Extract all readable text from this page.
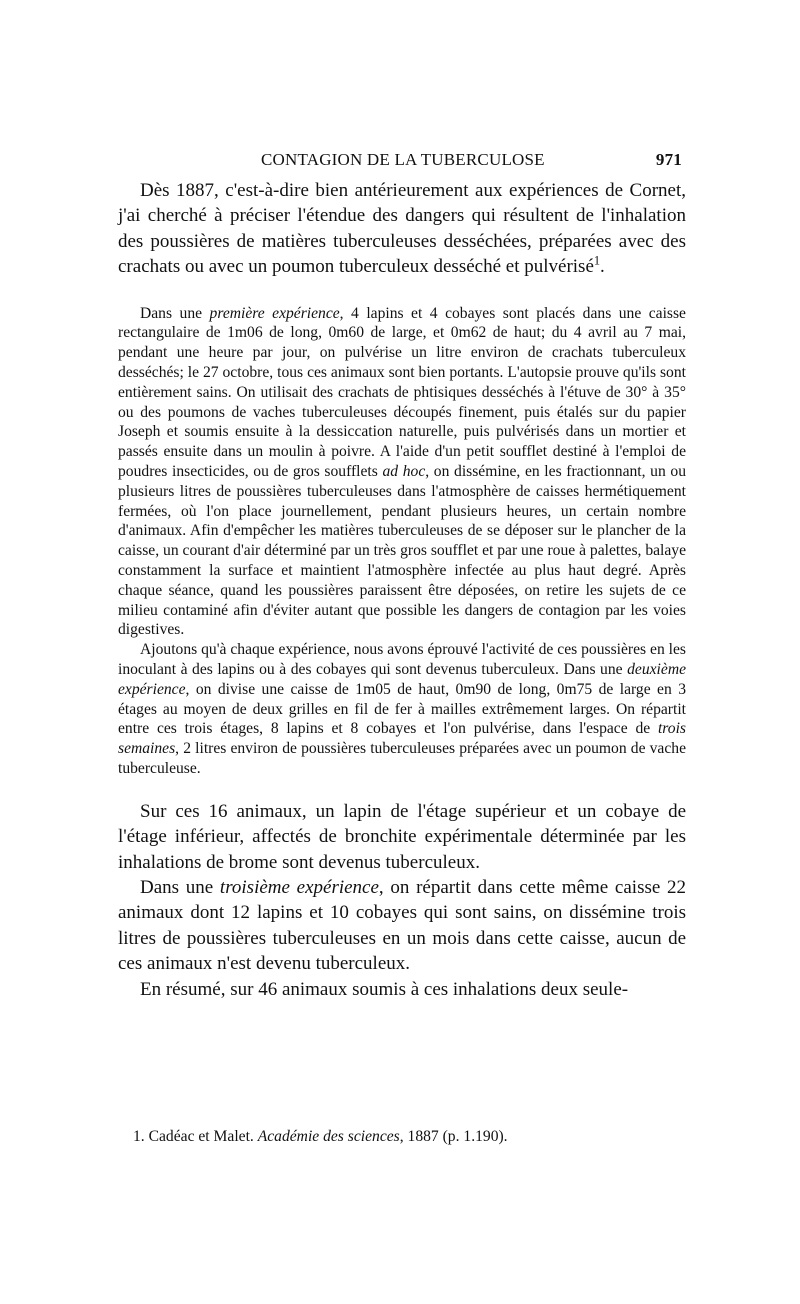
CONTAGION DE LA TUBERCULOSE	971

Dès 1887, c'est-à-dire bien antérieurement aux expériences de Cornet, j'ai cherché à préciser l'étendue des dangers qui résultent de l'inhalation des poussières de matières tuberculeuses desséchées, préparées avec des crachats ou avec un poumon tuberculeux desséché et pulvérisé$^1$.

Dans une première expérience, 4 lapins et 4 cobayes sont placés dans une caisse rectangulaire de 1m06 de long, 0m60 de large, et 0m62 de haut; du 4 avril au 7 mai, pendant une heure par jour, on pulvérise un litre environ de crachats tuberculeux desséchés; le 27 octobre, tous ces animaux sont bien portants. L'autopsie prouve qu'ils sont entièrement sains. On utilisait des crachats de phtisiques desséchés à l'étuve de 30° à 35° ou des poumons de vaches tuberculeuses découpés finement, puis étalés sur du papier Joseph et soumis ensuite à la dessiccation naturelle, puis pulvérisés dans un mortier et passés ensuite dans un moulin à poivre. A l'aide d'un petit soufflet destiné à l'emploi de poudres insecticides, ou de gros soufflets ad hoc, on dissémine, en les fractionnant, un ou plusieurs litres de poussières tuberculeuses dans l'atmosphère de caisses hermétiquement fermées, où l'on place journellement, pendant plusieurs heures, un certain nombre d'animaux. Afin d'empêcher les matières tuberculeuses de se déposer sur le plancher de la caisse, un courant d'air déterminé par un très gros soufflet et par une roue à palettes, balaye constamment la surface et maintient l'atmosphère infectée au plus haut degré. Après chaque séance, quand les poussières paraissent être déposées, on retire les sujets de ce milieu contaminé afin d'éviter autant que possible les dangers de contagion par les voies digestives.

Ajoutons qu'à chaque expérience, nous avons éprouvé l'activité de ces poussières en les inoculant à des lapins ou à des cobayes qui sont devenus tuberculeux. Dans une deuxième expérience, on divise une caisse de 1m05 de haut, 0m90 de long, 0m75 de large en 3 étages au moyen de deux grilles en fil de fer à mailles extrêmement larges. On répartit entre ces trois étages, 8 lapins et 8 cobayes et l'on pulvérise, dans l'espace de trois semaines, 2 litres environ de poussières tuberculeuses préparées avec un poumon de vache tuberculeuse.

Sur ces 16 animaux, un lapin de l'étage supérieur et un cobaye de l'étage inférieur, affectés de bronchite expérimentale déterminée par les inhalations de brome sont devenus tuberculeux.

Dans une troisième expérience, on répartit dans cette même caisse 22 animaux dont 12 lapins et 10 cobayes qui sont sains, on dissémine trois litres de poussières tuberculeuses en un mois dans cette caisse, aucun de ces animaux n'est devenu tuberculeux.

En résumé, sur 46 animaux soumis à ces inhalations deux seule-

1. Cadéac et Malet. Académie des sciences, 1887 (p. 1.190).
